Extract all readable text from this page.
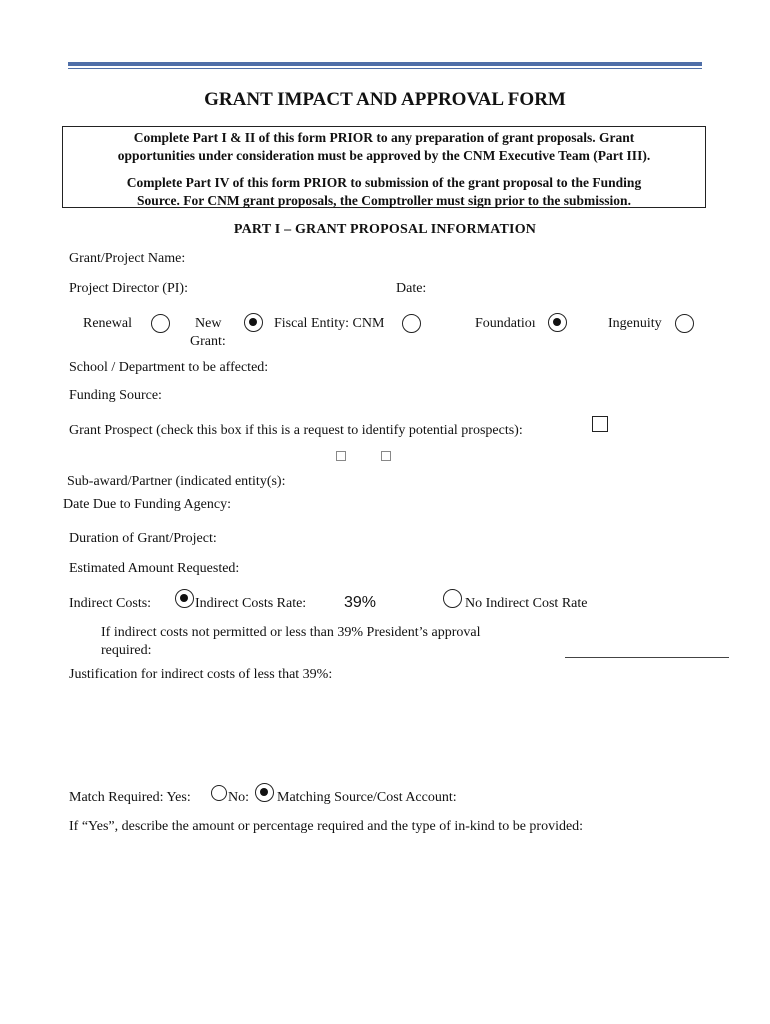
GRANT IMPACT AND APPROVAL FORM
Complete Part I & II of this form PRIOR to any preparation of grant proposals. Grant
opportunities under consideration must be approved by the CNM Executive Team (Part III).
Complete Part IV of this form PRIOR to submission of the grant proposal to the Funding
Source. For CNM grant proposals, the Comptroller must sign prior to the submission.
PART I – GRANT PROPOSAL INFORMATION
Grant/Project Name:
Project Director (PI):	Date:
Renewal	New
Grant:
Fiscal Entity: CNM	Foundatioı	Ingenuity
School / Department to be affected:
Funding Source:
Grant Prospect (check this box if this is a request to identify potential prospects):
Sub-award/Partner (indicated entity(s):
Date Due to Funding Agency:
Duration of Grant/Project:
Estimated Amount Requested:
Indirect Costs:	Indirect Costs Rate: 39%	No Indirect Cost Rate
If indirect costs not permitted or less than 39% President’s approval
required:
Justification for indirect costs of less that 39%:
Match Required: Yes:	No: Matching Source/Cost Account:
If “Yes”, describe the amount or percentage required and the type of in-kind to be provided:
